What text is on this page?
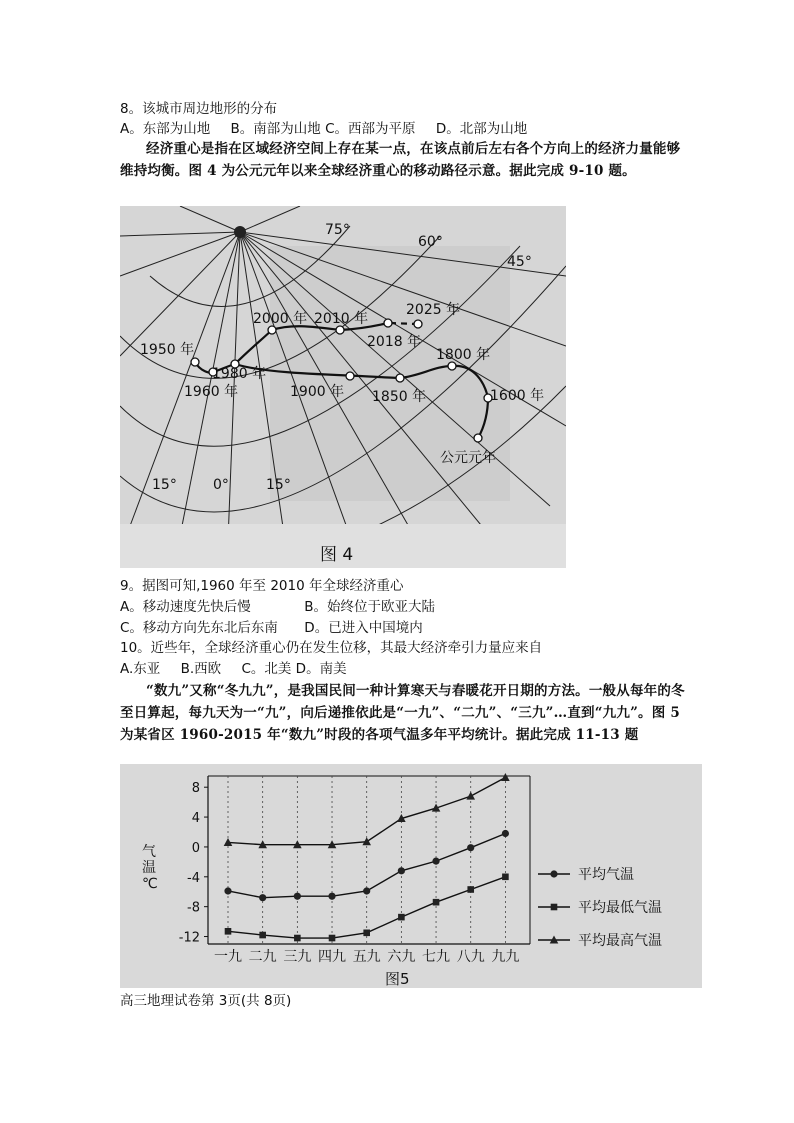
8。该城市周边地形的分布
A。东部为山地 B。南部为山地 C。西部为平原 D。北部为山地
经济重心是指在区域经济空间上存在某一点，在该点前后左右各个方向上的经济力量能够维持均衡。图 4 为公元元年以来全球经济重心的移动路径示意。据此完成 9-10 题。
75°
60°
45°
15°	0°	15°
1950 年
1960 年
1980 年
2000 年 2010 年
2018 年
2025 年
1900 年 1850 年
1800 年
1600 年
公元元年
图 4
9。据图可知,1960 年至 2010 年全球经济重心
A。移动速度先快后慢	B。始终位于欧亚大陆
C。移动方向先东北后东南 D。已进入中国境内
10。近些年，全球经济重心仍在发生位移，其最大经济牵引力量应来自
A.东亚 B.西欧 C。北美 D。南美
“数九”又称“冬九九”，是我国民间一种计算寒天与春暖花开日期的方法。一般从每年的冬至日算起，每九天为一“九”，向后递推依此是“一九”、“二九”、“三九”…直到“九九”。图 5 为某省区 1960-2015 年“数九”时段的各项气温多年平均统计。据此完成 11-13 题
8
4
0
-4
-8
-12
一九 二九 三九 四九 五九 六九 七九 八九 九九
平均气温
平均最低气温
平均最高气温
气
温
℃
图5
高三地理试卷第 3页(共 8页)
